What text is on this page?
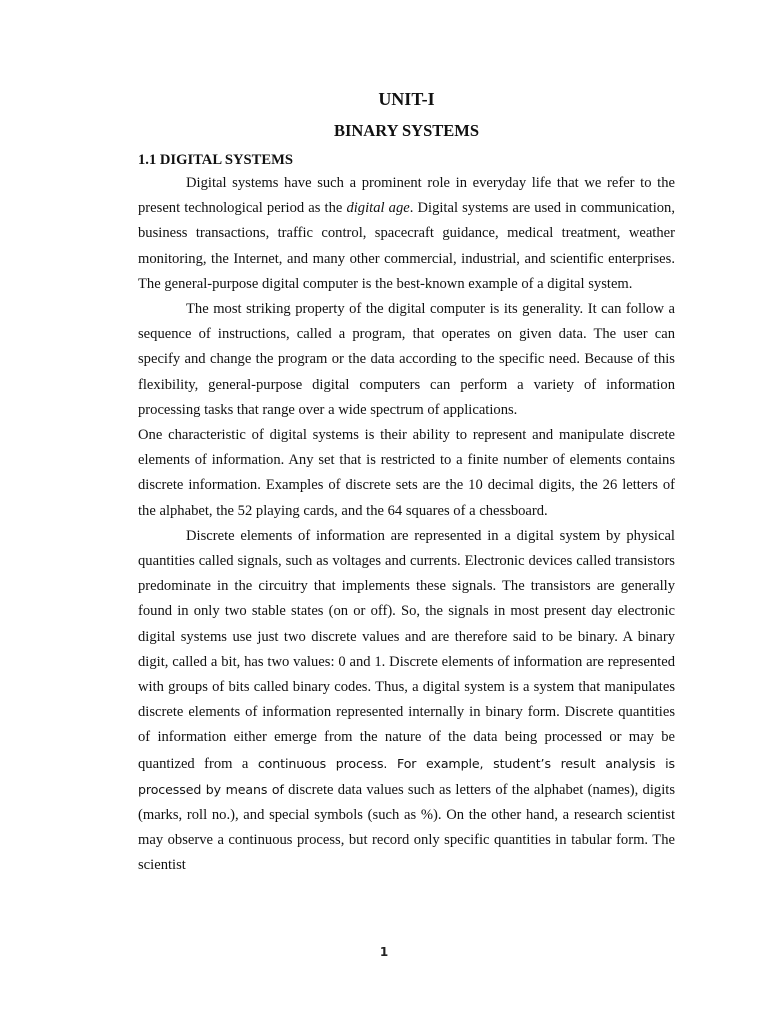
UNIT-I
BINARY SYSTEMS
1.1 DIGITAL SYSTEMS

Digital systems have such a prominent role in everyday life that we refer to the present technological period as the digital age. Digital systems are used in communication, business transactions, traffic control, spacecraft guidance, medical treatment, weather monitoring, the Internet, and many other commercial, industrial, and scientific enterprises. The general-purpose digital computer is the best-known example of a digital system.

The most striking property of the digital computer is its generality. It can follow a sequence of instructions, called a program, that operates on given data. The user can specify and change the program or the data according to the specific need. Because of this flexibility, general-purpose digital computers can perform a variety of information processing tasks that range over a wide spectrum of applications.

One characteristic of digital systems is their ability to represent and manipulate discrete elements of information. Any set that is restricted to a finite number of elements contains discrete information. Examples of discrete sets are the 10 decimal digits, the 26 letters of the alphabet, the 52 playing cards, and the 64 squares of a chessboard.

Discrete elements of information are represented in a digital system by physical quantities called signals, such as voltages and currents. Electronic devices called transistors predominate in the circuitry that implements these signals. The transistors are generally found in only two stable states (on or off). So, the signals in most present day electronic digital systems use just two discrete values and are therefore said to be binary. A binary digit, called a bit, has two values: 0 and 1. Discrete elements of information are represented with groups of bits called binary codes. Thus, a digital system is a system that manipulates discrete elements of information represented internally in binary form. Discrete quantities of information either emerge from the nature of the data being processed or may be quantized from a continuous process. For example, student’s result analysis is processed by means of discrete data values such as letters of the alphabet (names), digits (marks, roll no.), and special symbols (such as %). On the other hand, a research scientist may observe a continuous process, but record only specific quantities in tabular form. The scientist

1
